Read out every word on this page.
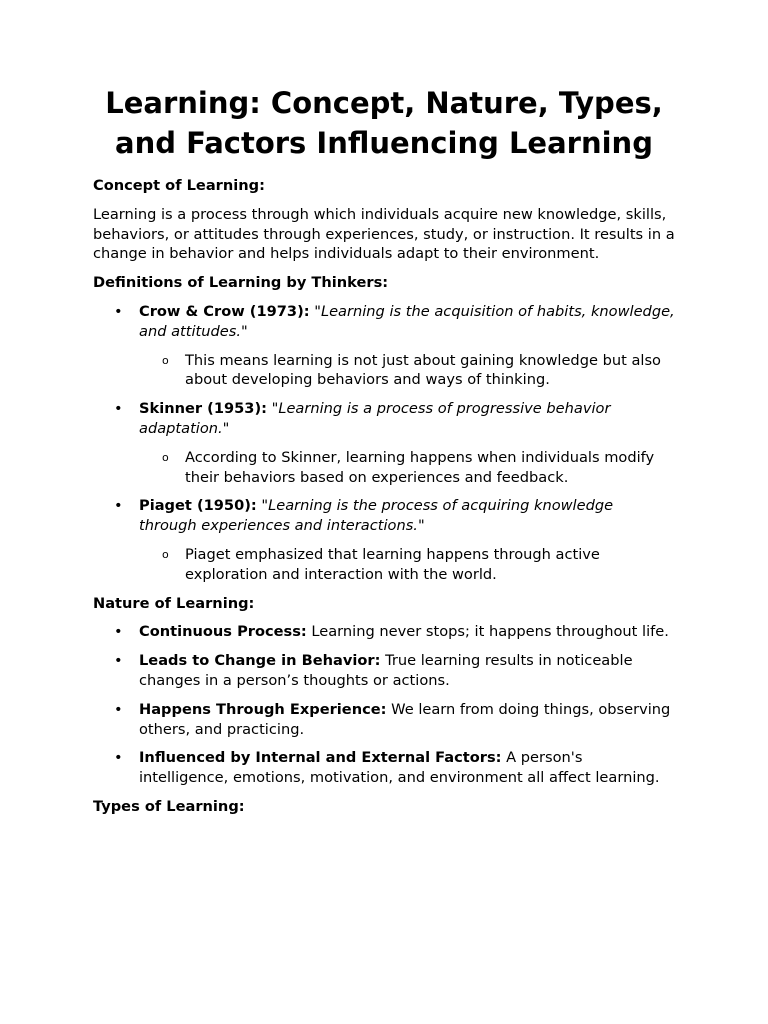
Learning: Concept, Nature, Types, and Factors Influencing Learning
Concept of Learning:

Learning is a process through which individuals acquire new knowledge, skills, behaviors, or attitudes through experiences, study, or instruction. It results in a change in behavior and helps individuals adapt to their environment.

Definitions of Learning by Thinkers:
• Crow & Crow (1973): "Learning is the acquisition of habits, knowledge, and attitudes."
o This means learning is not just about gaining knowledge but also about developing behaviors and ways of thinking.
• Skinner (1953): "Learning is a process of progressive behavior adaptation."
o According to Skinner, learning happens when individuals modify their behaviors based on experiences and feedback.
• Piaget (1950): "Learning is the process of acquiring knowledge through experiences and interactions."
o Piaget emphasized that learning happens through active exploration and interaction with the world.
Nature of Learning:
• Continuous Process: Learning never stops; it happens throughout life.
• Leads to Change in Behavior: True learning results in noticeable changes in a person’s thoughts or actions.
• Happens Through Experience: We learn from doing things, observing others, and practicing.
• Influenced by Internal and External Factors: A person's intelligence, emotions, motivation, and environment all affect learning.
Types of Learning:
